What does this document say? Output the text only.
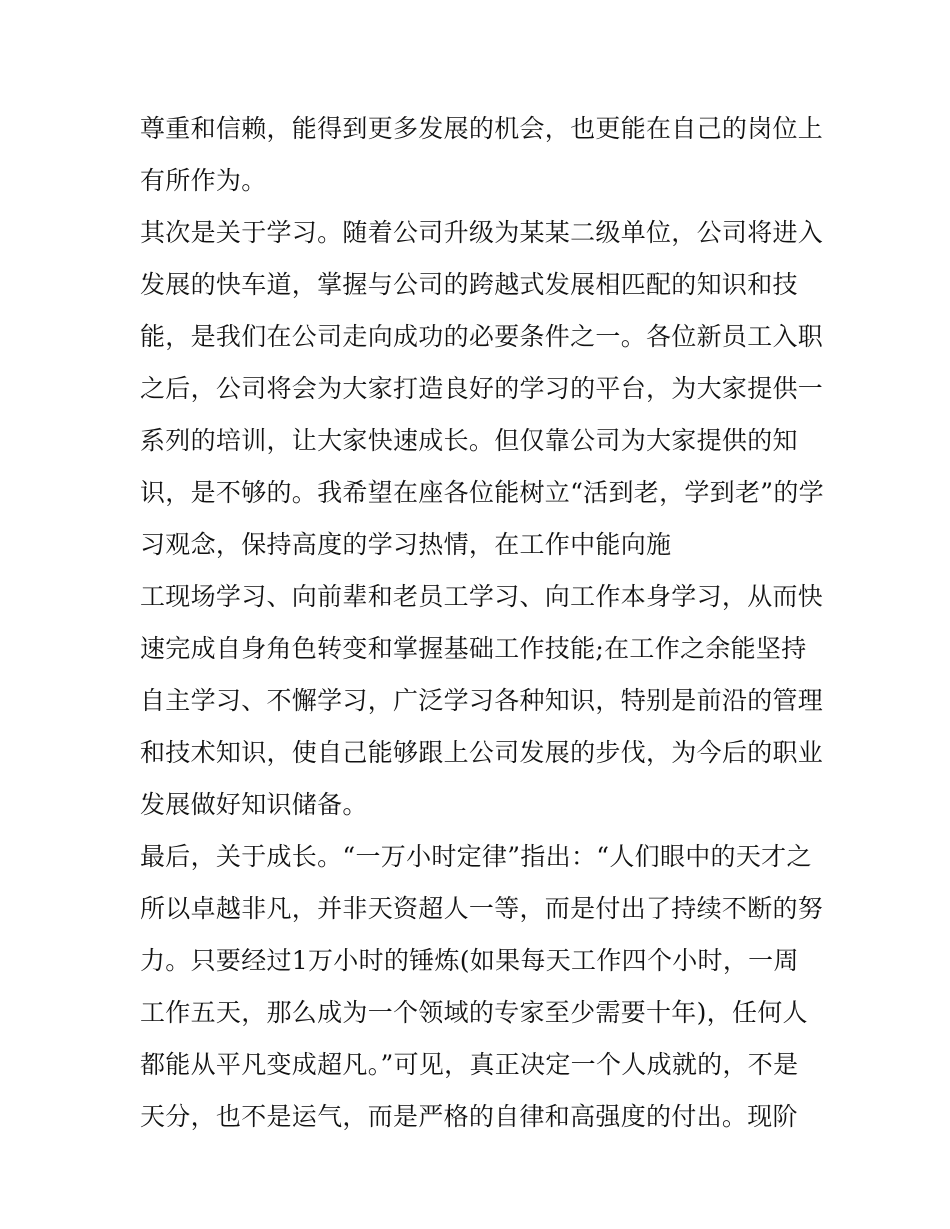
尊重和信赖，能得到更多发展的机会，也更能在自己的岗位上
有所作为。
其次是关于学习。随着公司升级为某某二级单位，公司将进入
发展的快车道，掌握与公司的跨越式发展相匹配的知识和技
能，是我们在公司走向成功的必要条件之一。各位新员工入职
之后，公司将会为大家打造良好的学习的平台，为大家提供一
系列的培训，让大家快速成长。但仅靠公司为大家提供的知
识，是不够的。我希望在座各位能树立“活到老，学到老”的学
习观念，保持高度的学习热情，在工作中能向施
工现场学习、向前辈和老员工学习、向工作本身学习，从而快
速完成自身角色转变和掌握基础工作技能;在工作之余能坚持
自主学习、不懈学习，广泛学习各种知识，特别是前沿的管理
和技术知识，使自己能够跟上公司发展的步伐，为今后的职业
发展做好知识储备。
最后，关于成长。“一万小时定律”指出：“人们眼中的天才之
所以卓越非凡，并非天资超人一等，而是付出了持续不断的努
力。只要经过1万小时的锤炼(如果每天工作四个小时，一周
工作五天，那么成为一个领域的专家至少需要十年)，任何人
都能从平凡变成超凡。”可见，真正决定一个人成就的，不是
天分，也不是运气，而是严格的自律和高强度的付出。现阶
